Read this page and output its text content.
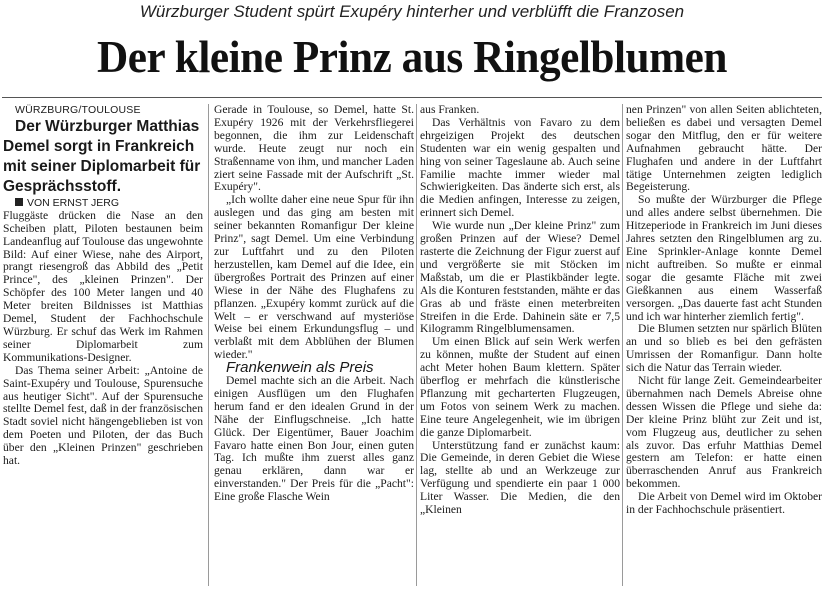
Würzburger Student spürt Exupéry hinterher und verblüfft die Franzosen
Der kleine Prinz aus Ringelblumen

WÜRZBURG/TOULOUSE

Der Würzburger Matthias Demel sorgt in Frankreich mit seiner Diplomarbeit für Gesprächsstoff.

VON ERNST JERG

Fluggäste drücken die Nase an den Scheiben platt, Piloten bestaunen beim Landeanflug auf Toulouse das ungewohnte Bild: Auf einer Wiese, nahe des Airport, prangt riesengroß das Abbild des „Petit Prince", des „kleinen Prinzen". Der Schöpfer des 100 Meter langen und 40 Meter breiten Bildnisses ist Matthias Demel, Student der Fachhochschule Würzburg. Er schuf das Werk im Rahmen seiner Diplomarbeit zum Kommunikations-Designer.

Das Thema seiner Arbeit: „Antoine de Saint-Exupéry und Toulouse, Spurensuche aus heutiger Sicht". Auf der Spurensuche stellte Demel fest, daß in der französischen Stadt soviel nicht hängengeblieben ist von dem Poeten und Piloten, der das Buch über den „Kleinen Prinzen" geschrieben hat.

Gerade in Toulouse, so Demel, hatte St. Exupéry 1926 mit der Verkehrsfliegerei begonnen, die ihm zur Leidenschaft wurde. Heute zeugt nur noch ein Straßenname von ihm, und mancher Laden ziert seine Fassade mit der Aufschrift „St. Exupéry".

„Ich wollte daher eine neue Spur für ihn auslegen und das ging am besten mit seiner bekannten Romanfigur Der kleine Prinz", sagt Demel. Um eine Verbindung zur Luftfahrt und zu den Piloten herzustellen, kam Demel auf die Idee, ein übergroßes Portrait des Prinzen auf einer Wiese in der Nähe des Flughafens zu pflanzen. „Exupéry kommt zurück auf die Welt – er verschwand auf mysteriöse Weise bei einem Erkundungsflug – und verblaßt mit dem Abblühen der Blumen wieder."

Frankenwein als Preis

Demel machte sich an die Arbeit. Nach einigen Ausflügen um den Flughafen herum fand er den idealen Grund in der Nähe der Einflugschneise. „Ich hatte Glück. Der Eigentümer, Bauer Joachim Favaro hatte einen Bon Jour, einen guten Tag. Ich mußte ihm zuerst alles ganz genau erklären, dann war er einverstanden." Der Preis für die „Pacht": Eine große Flasche Wein

aus Franken.

Das Verhältnis von Favaro zu dem ehrgeizigen Projekt des deutschen Studenten war ein wenig gespalten und hing von seiner Tageslaune ab. Auch seine Familie machte immer wieder mal Schwierigkeiten. Das änderte sich erst, als die Medien anfingen, Interesse zu zeigen, erinnert sich Demel.

Wie wurde nun „Der kleine Prinz" zum großen Prinzen auf der Wiese? Demel rasterte die Zeichnung der Figur zuerst auf und vergrößerte sie mit Stöcken im Maßstab, um die er Plastikbänder legte. Als die Konturen feststanden, mähte er das Gras ab und fräste einen meterbreiten Streifen in die Erde. Dahinein säte er 7,5 Kilogramm Ringelblumensamen.

Um einen Blick auf sein Werk werfen zu können, mußte der Student auf einen acht Meter hohen Baum klettern. Später überflog er mehrfach die künstlerische Pflanzung mit gecharterten Flugzeugen, um Fotos von seinem Werk zu machen. Eine teure Angelegenheit, wie im übrigen die ganze Diplomarbeit.

Unterstützung fand er zunächst kaum: Die Gemeinde, in deren Gebiet die Wiese lag, stellte ab und an Werkzeuge zur Verfügung und spendierte ein paar 1 000 Liter Wasser. Die Medien, die den „Kleinen

nen Prinzen" von allen Seiten ablichteten, beließen es dabei und versagten Demel sogar den Mitflug, den er für weitere Aufnahmen gebraucht hätte. Der Flughafen und andere in der Luftfahrt tätige Unternehmen zeigten lediglich Begeisterung.

So mußte der Würzburger die Pflege und alles andere selbst übernehmen. Die Hitzeperiode in Frankreich im Juni dieses Jahres setzten den Ringelblumen arg zu. Eine Sprinkler-Anlage konnte Demel nicht auftreiben. So mußte er einmal sogar die gesamte Fläche mit zwei Gießkannen aus einem Wasserfaß versorgen. „Das dauerte fast acht Stunden und ich war hinterher ziemlich fertig".

Die Blumen setzten nur spärlich Blüten an und so blieb es bei den gefrästen Umrissen der Romanfigur. Dann holte sich die Natur das Terrain wieder.

Nicht für lange Zeit. Gemeindearbeiter übernahmen nach Demels Abreise ohne dessen Wissen die Pflege und siehe da: Der kleine Prinz blüht zur Zeit und ist, vom Flugzeug aus, deutlicher zu sehen als zuvor. Das erfuhr Matthias Demel gestern am Telefon: er hatte einen überraschenden Anruf aus Frankreich bekommen.

Die Arbeit von Demel wird im Oktober in der Fachhochschule präsentiert.
